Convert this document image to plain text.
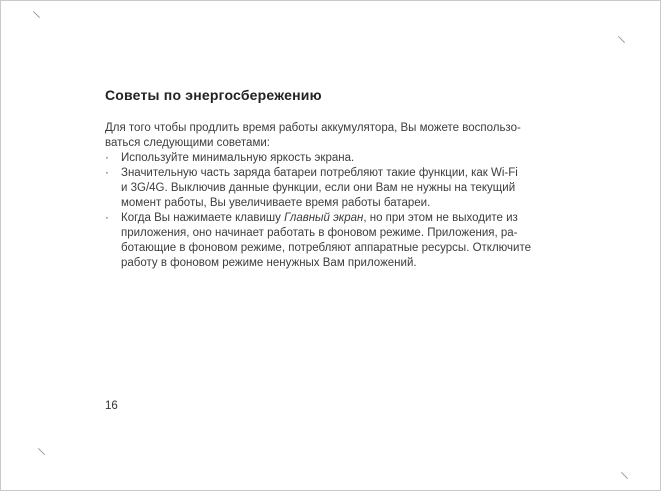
Советы по энергосбережению
Для того чтобы продлить время работы аккумулятора, Вы можете воспользо-
ваться следующими советами:
·	Используйте минимальную яркость экрана.
·	Значительную часть заряда батареи потребляют такие функции, как Wi-Fi
и 3G/4G. Выключив данные функции, если они Вам не нужны на текущий
момент работы, Вы увеличиваете время работы батареи.
·	Когда Вы нажимаете клавишу Главный экран, но при этом не выходите из
приложения, оно начинает работать в фоновом режиме. Приложения, ра-
ботающие в фоновом режиме, потребляют аппаратные ресурсы. Отключите
работу в фоновом режиме ненужных Вам приложений.
16
